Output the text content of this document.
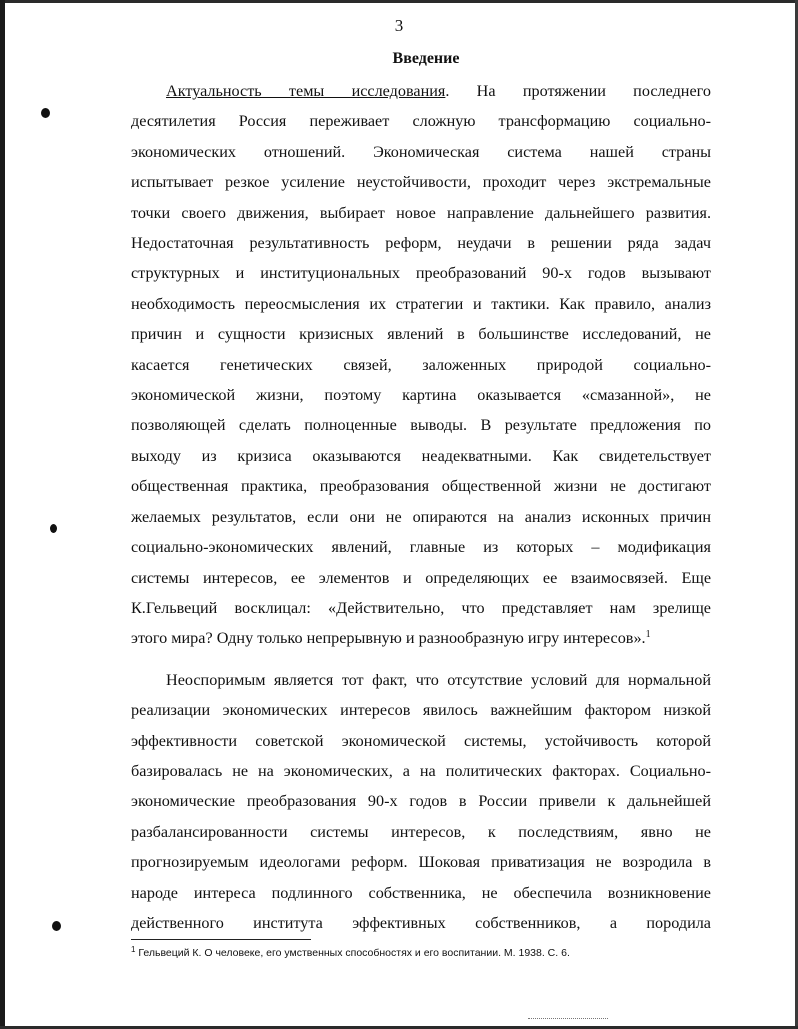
3
Введение

Актуальность темы исследования. На протяжении последнего
десятилетия Россия переживает сложную трансформацию социально-
экономических отношений. Экономическая система нашей страны
испытывает резкое усиление неустойчивости, проходит через экстремальные
точки своего движения, выбирает новое направление дальнейшего развития.
Недостаточная результативность реформ, неудачи в решении ряда задач
структурных и институциональных преобразований 90-х годов вызывают
необходимость переосмысления их стратегии и тактики. Как правило, анализ
причин и сущности кризисных явлений в большинстве исследований, не
касается генетических связей, заложенных природой социально-
экономической жизни, поэтому картина оказывается «смазанной», не
позволяющей сделать полноценные выводы. В результате предложения по
выходу из кризиса оказываются неадекватными. Как свидетельствует
общественная практика, преобразования общественной жизни не достигают
желаемых результатов, если они не опираются на анализ исконных причин
социально-экономических явлений, главные из которых – модификация
системы интересов, ее элементов и определяющих ее взаимосвязей. Еще
К.Гельвеций восклицал: «Действительно, что представляет нам зрелище
этого мира? Одну только непрерывную и разнообразную игру интересов».$^1$

Неоспоримым является тот факт, что отсутствие условий для нормальной
реализации экономических интересов явилось важнейшим фактором низкой
эффективности советской экономической системы, устойчивость которой
базировалась не на экономических, а на политических факторах. Социально-
экономические преобразования 90-х годов в России привели к дальнейшей
разбалансированности системы интересов, к последствиям, явно не
прогнозируемым идеологами реформ. Шоковая приватизация не возродила в
народе интереса подлинного собственника, не обеспечила возникновение
действенного института эффективных собственников, а породила

$^1$ Гельвеций К. О человеке, его умственных способностях и его воспитании. М. 1938. С. 6.
